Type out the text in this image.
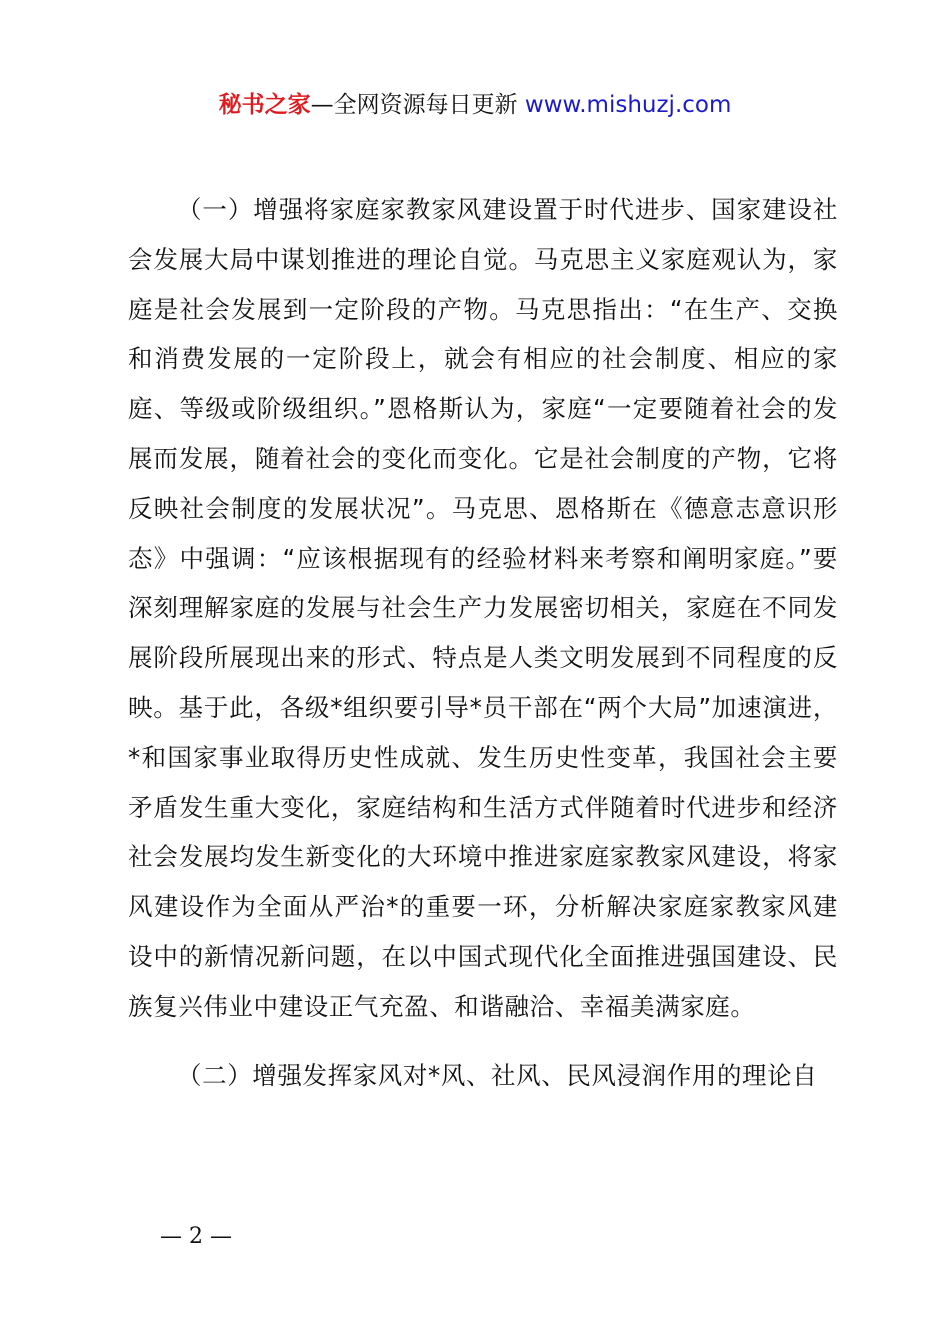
秘书之家—全网资源每日更新 www.mishuzj.com

（一）增强将家庭家教家风建设置于时代进步、国家建设社会发展大局中谋划推进的理论自觉。马克思主义家庭观认为，家庭是社会发展到一定阶段的产物。马克思指出：“在生产、交换和消费发展的一定阶段上，就会有相应的社会制度、相应的家庭、等级或阶级组织。”恩格斯认为，家庭“一定要随着社会的发展而发展，随着社会的变化而变化。它是社会制度的产物，它将反映社会制度的发展状况”。马克思、恩格斯在《德意志意识形态》中强调：“应该根据现有的经验材料来考察和阐明家庭。”要深刻理解家庭的发展与社会生产力发展密切相关，家庭在不同发展阶段所展现出来的形式、特点是人类文明发展到不同程度的反映。基于此，各级*组织要引导*员干部在“两个大局”加速演进，*和国家事业取得历史性成就、发生历史性变革，我国社会主要矛盾发生重大变化，家庭结构和生活方式伴随着时代进步和经济社会发展均发生新变化的大环境中推进家庭家教家风建设，将家风建设作为全面从严治*的重要一环，分析解决家庭家教家风建设中的新情况新问题，在以中国式现代化全面推进强国建设、民族复兴伟业中建设正气充盈、和谐融洽、幸福美满家庭。

（二）增强发挥家风对*风、社风、民风浸润作用的理论自

— 2 —
